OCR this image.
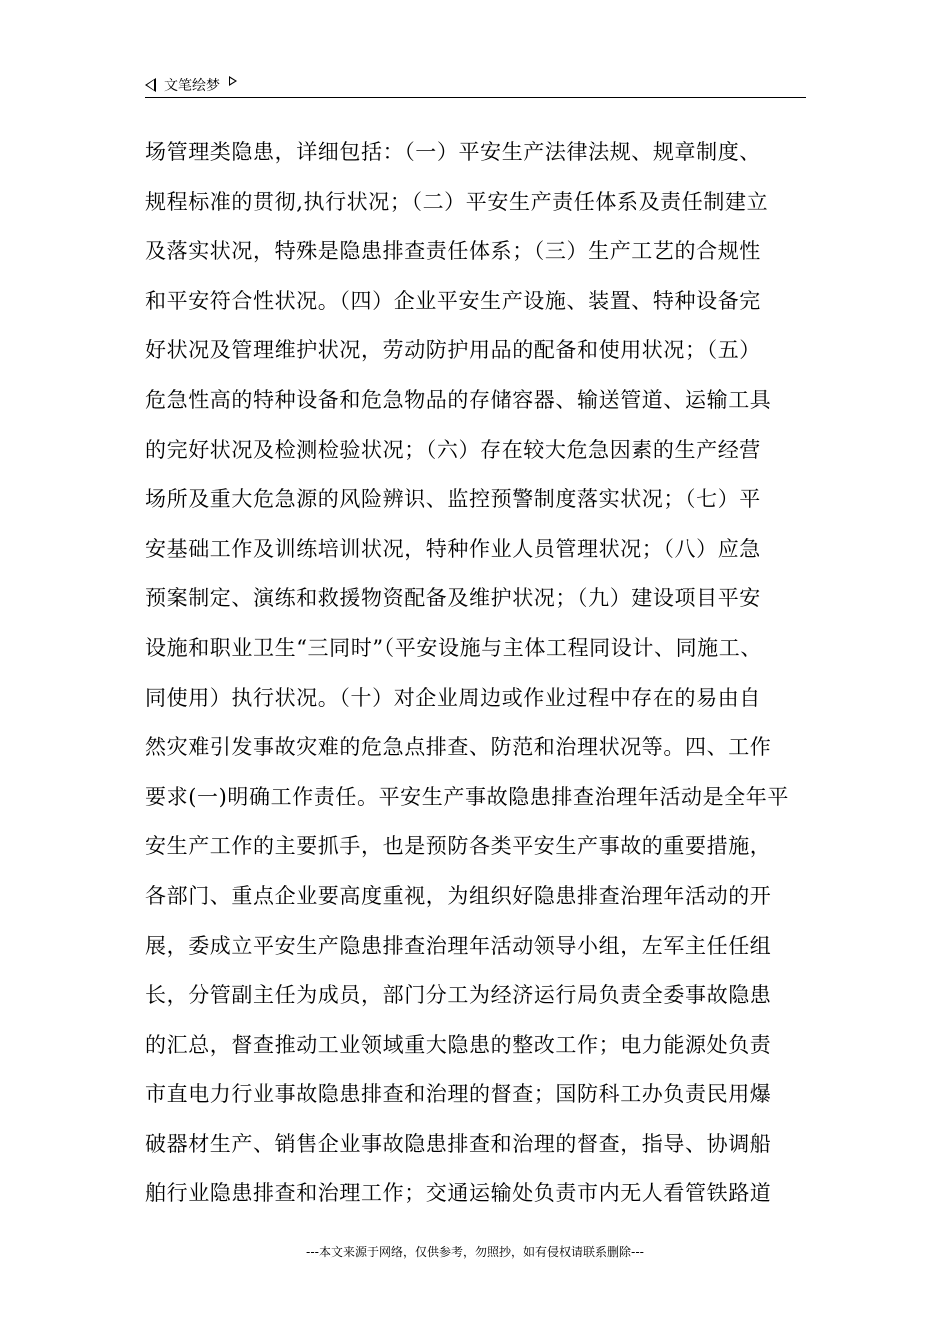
文笔绘梦
场管理类隐患，详细包括：（一）平安生产法律法规、规章制度、
规程标准的贯彻,执行状况；（二）平安生产责任体系及责任制建立
及落实状况，特殊是隐患排查责任体系；（三）生产工艺的合规性
和平安符合性状况。（四）企业平安生产设施、装置、特种设备完
好状况及管理维护状况，劳动防护用品的配备和使用状况；（五）
危急性高的特种设备和危急物品的存储容器、输送管道、运输工具
的完好状况及检测检验状况；（六）存在较大危急因素的生产经营
场所及重大危急源的风险辨识、监控预警制度落实状况；（七）平
安基础工作及训练培训状况，特种作业人员管理状况；（八）应急
预案制定、演练和救援物资配备及维护状况；（九）建设项目平安
设施和职业卫生“三同时”（平安设施与主体工程同设计、同施工、
同使用）执行状况。（十）对企业周边或作业过程中存在的易由自
然灾难引发事故灾难的危急点排查、防范和治理状况等。四、工作
要求(一)明确工作责任。平安生产事故隐患排查治理年活动是全年平
安生产工作的主要抓手，也是预防各类平安生产事故的重要措施，
各部门、重点企业要高度重视，为组织好隐患排查治理年活动的开
展，委成立平安生产隐患排查治理年活动领导小组，左军主任任组
长，分管副主任为成员，部门分工为经济运行局负责全委事故隐患
的汇总，督查推动工业领域重大隐患的整改工作；电力能源处负责
市直电力行业事故隐患排查和治理的督查；国防科工办负责民用爆
破器材生产、销售企业事故隐患排查和治理的督查，指导、协调船
舶行业隐患排查和治理工作；交通运输处负责市内无人看管铁路道
---本文来源于网络，仅供参考，勿照抄，如有侵权请联系删除---
